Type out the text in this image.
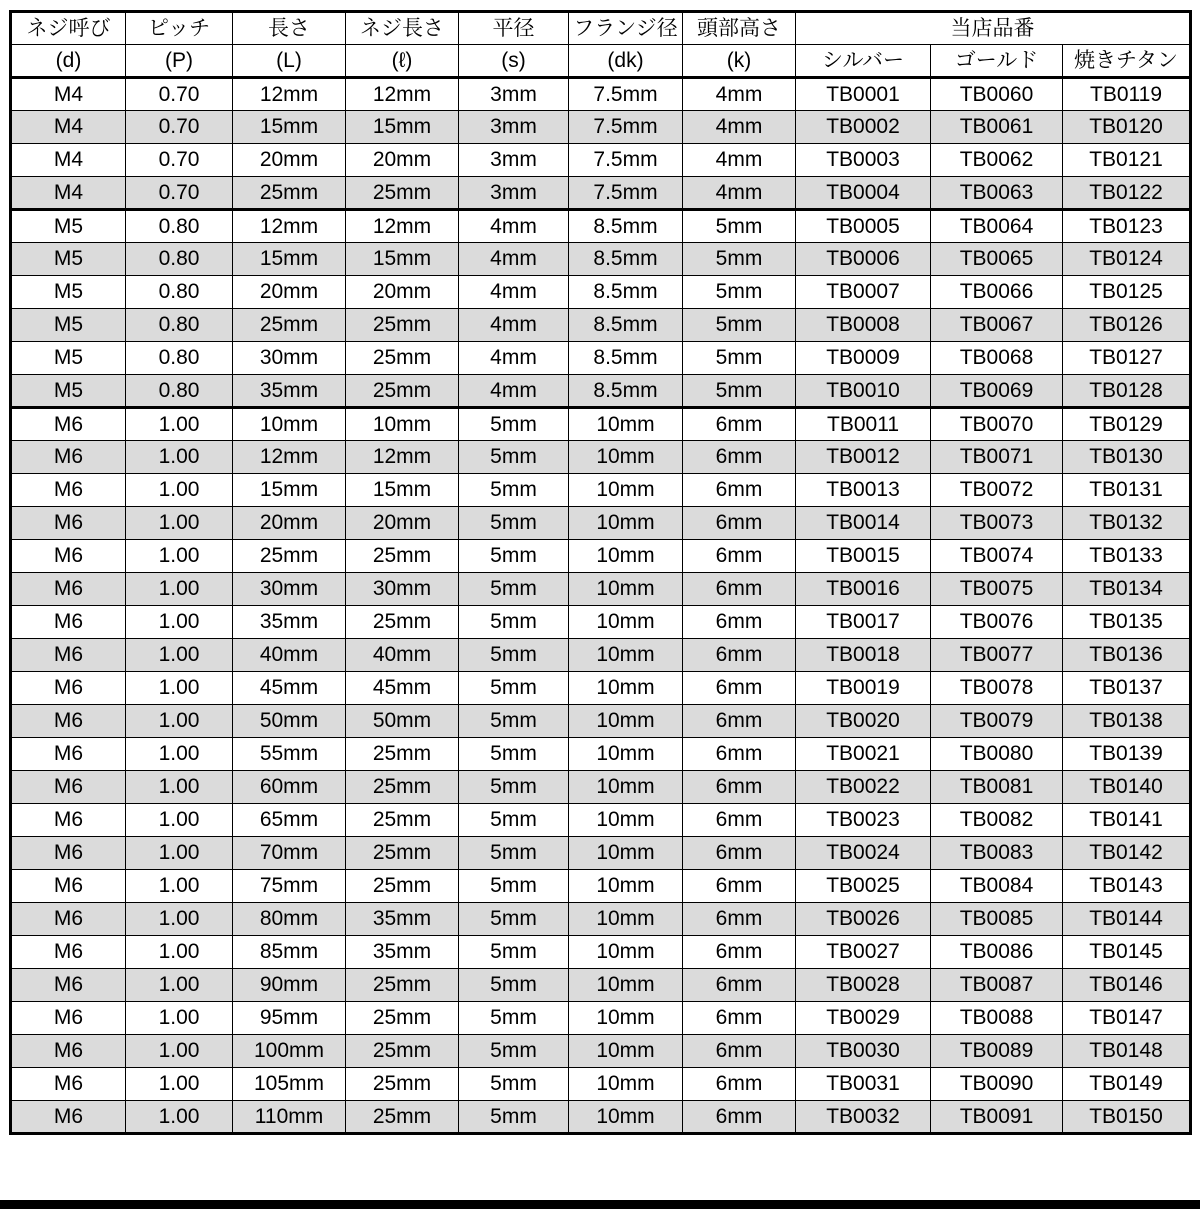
ネジ呼び	ピッチ	長さ	ネジ長さ	平径	フランジ径	頭部高さ	当店品番		
(d)	(P)	(L)	(ℓ)	(s)	(dk)	(k)	シルバー	ゴールド	焼きチタン
M4	0.70	12mm	12mm	3mm	7.5mm	4mm	TB0001	TB0060	TB0119
M4	0.70	15mm	15mm	3mm	7.5mm	4mm	TB0002	TB0061	TB0120
M4	0.70	20mm	20mm	3mm	7.5mm	4mm	TB0003	TB0062	TB0121
M4	0.70	25mm	25mm	3mm	7.5mm	4mm	TB0004	TB0063	TB0122
M5	0.80	12mm	12mm	4mm	8.5mm	5mm	TB0005	TB0064	TB0123
M5	0.80	15mm	15mm	4mm	8.5mm	5mm	TB0006	TB0065	TB0124
M5	0.80	20mm	20mm	4mm	8.5mm	5mm	TB0007	TB0066	TB0125
M5	0.80	25mm	25mm	4mm	8.5mm	5mm	TB0008	TB0067	TB0126
M5	0.80	30mm	25mm	4mm	8.5mm	5mm	TB0009	TB0068	TB0127
M5	0.80	35mm	25mm	4mm	8.5mm	5mm	TB0010	TB0069	TB0128
M6	1.00	10mm	10mm	5mm	10mm	6mm	TB0011	TB0070	TB0129
M6	1.00	12mm	12mm	5mm	10mm	6mm	TB0012	TB0071	TB0130
M6	1.00	15mm	15mm	5mm	10mm	6mm	TB0013	TB0072	TB0131
M6	1.00	20mm	20mm	5mm	10mm	6mm	TB0014	TB0073	TB0132
M6	1.00	25mm	25mm	5mm	10mm	6mm	TB0015	TB0074	TB0133
M6	1.00	30mm	30mm	5mm	10mm	6mm	TB0016	TB0075	TB0134
M6	1.00	35mm	25mm	5mm	10mm	6mm	TB0017	TB0076	TB0135
M6	1.00	40mm	40mm	5mm	10mm	6mm	TB0018	TB0077	TB0136
M6	1.00	45mm	45mm	5mm	10mm	6mm	TB0019	TB0078	TB0137
M6	1.00	50mm	50mm	5mm	10mm	6mm	TB0020	TB0079	TB0138
M6	1.00	55mm	25mm	5mm	10mm	6mm	TB0021	TB0080	TB0139
M6	1.00	60mm	25mm	5mm	10mm	6mm	TB0022	TB0081	TB0140
M6	1.00	65mm	25mm	5mm	10mm	6mm	TB0023	TB0082	TB0141
M6	1.00	70mm	25mm	5mm	10mm	6mm	TB0024	TB0083	TB0142
M6	1.00	75mm	25mm	5mm	10mm	6mm	TB0025	TB0084	TB0143
M6	1.00	80mm	35mm	5mm	10mm	6mm	TB0026	TB0085	TB0144
M6	1.00	85mm	35mm	5mm	10mm	6mm	TB0027	TB0086	TB0145
M6	1.00	90mm	25mm	5mm	10mm	6mm	TB0028	TB0087	TB0146
M6	1.00	95mm	25mm	5mm	10mm	6mm	TB0029	TB0088	TB0147
M6	1.00	100mm	25mm	5mm	10mm	6mm	TB0030	TB0089	TB0148
M6	1.00	105mm	25mm	5mm	10mm	6mm	TB0031	TB0090	TB0149
M6	1.00	110mm	25mm	5mm	10mm	6mm	TB0032	TB0091	TB0150
